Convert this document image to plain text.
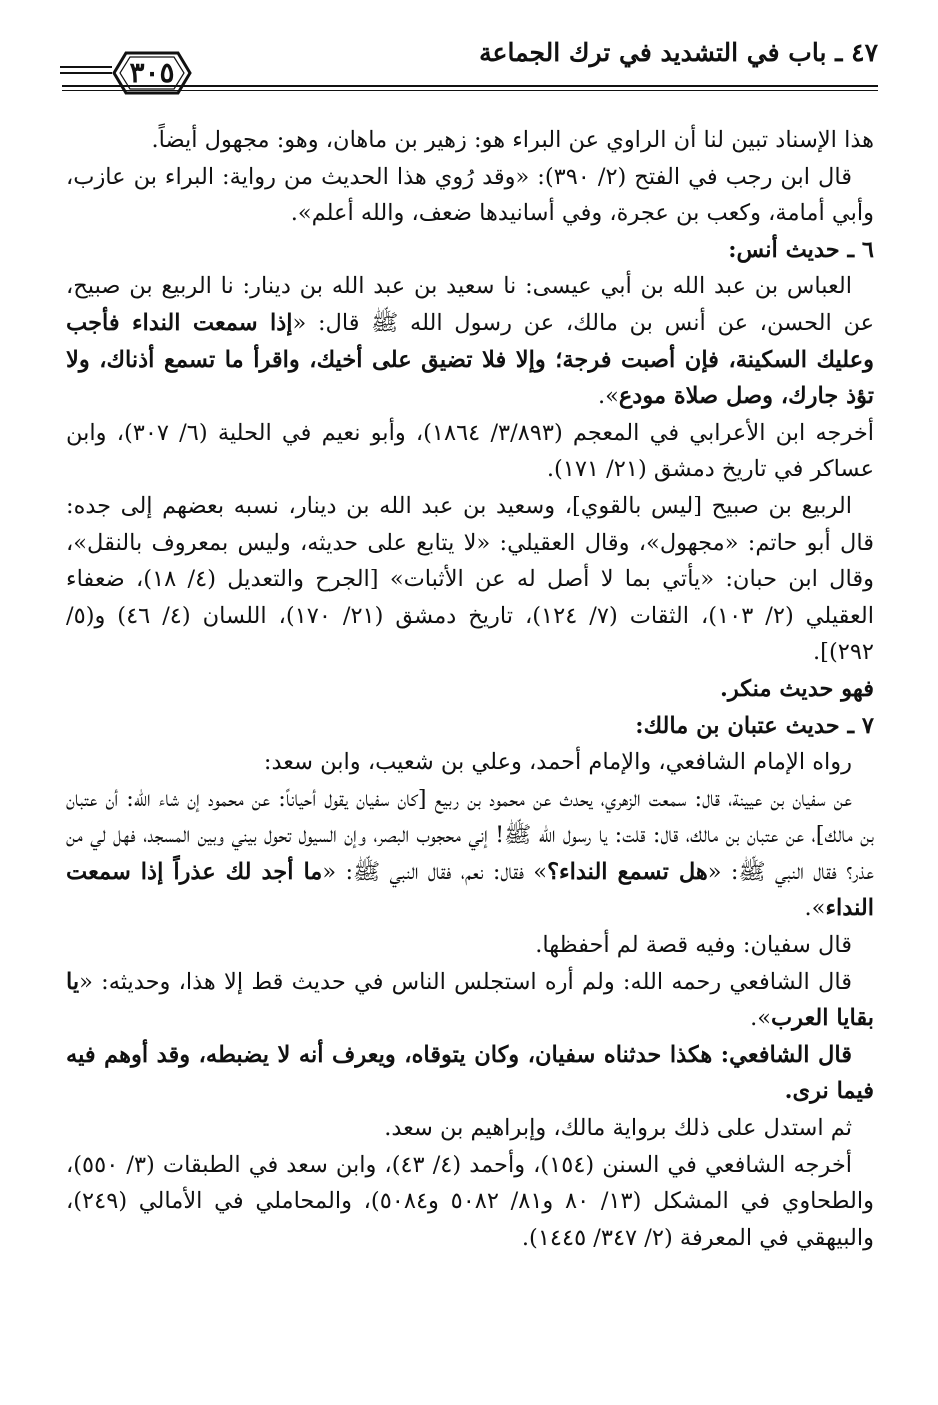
٤٧ ـ باب في التشديد في ترك الجماعة
٣٠٥

هذا الإسناد تبين لنا أن الراوي عن البراء هو: زهير بن ماهان، وهو: مجهول أيضاً.

قال ابن رجب في الفتح (٢/ ٣٩٠): «وقد رُوي هذا الحديث من رواية: البراء بن عازب، وأبي أمامة، وكعب بن عجرة، وفي أسانيدها ضعف، والله أعلم».

٦ ـ حديث أنس:

العباس بن عبد الله بن أبي عيسى: نا سعيد بن عبد الله بن دينار: نا الربيع بن صبيح، عن الحسن، عن أنس بن مالك، عن رسول الله ﷺ قال: «إذا سمعت النداء فأجب وعليك السكينة، فإن أصبت فرجة؛ وإلا فلا تضيق على أخيك، واقرأ ما تسمع أذناك، ولا تؤذ جارك، وصل صلاة مودع».

أخرجه ابن الأعرابي في المعجم (٣/٨٩٣/ ١٨٦٤)، وأبو نعيم في الحلية (٦/ ٣٠٧)، وابن عساكر في تاريخ دمشق (٢١/ ١٧١).

الربيع بن صبيح [ليس بالقوي]، وسعيد بن عبد الله بن دينار، نسبه بعضهم إلى جده: قال أبو حاتم: «مجهول»، وقال العقيلي: «لا يتابع على حديثه، وليس بمعروف بالنقل»، وقال ابن حبان: «يأتي بما لا أصل له عن الأثبات» [الجرح والتعديل (٤/ ١٨)، ضعفاء العقيلي (٢/ ١٠٣)، الثقات (٧/ ١٢٤)، تاريخ دمشق (٢١/ ١٧٠)، اللسان (٤/ ٤٦) و(٥/ ٢٩٢)].

فهو حديث منكر.

٧ ـ حديث عتبان بن مالك:

رواه الإمام الشافعي، والإمام أحمد، وعلي بن شعيب، وابن سعد:

عن سفيان بن عيينة، قال: سمعت الزهري، يحدث عن محمود بن ربيع [كان سفيان يقول أحياناً: عن محمود إن شاء الله: أن عتبان بن مالك]، عن عتبان بن مالك، قال: قلت: يا رسول الله ﷺ! إني محجوب البصر، وإن السيول تحول بيني وبين المسجد، فهل لي من عذر؟ فقال النبي ﷺ: «هل تسمع النداء؟» فقال: نعم، فقال النبي ﷺ: «ما أجد لك عذراً إذا سمعت النداء».

قال سفيان: وفيه قصة لم أحفظها.

قال الشافعي رحمه الله: ولم أره استجلس الناس في حديث قط إلا هذا، وحديثه: «يا بقايا العرب».

قال الشافعي: هكذا حدثناه سفيان، وكان يتوقاه، ويعرف أنه لا يضبطه، وقد أوهم فيه فيما نرى.

ثم استدل على ذلك برواية مالك، وإبراهيم بن سعد.

أخرجه الشافعي في السنن (١٥٤)، وأحمد (٤/ ٤٣)، وابن سعد في الطبقات (٣/ ٥٥٠)، والطحاوي في المشكل (١٣/ ٨٠ و٨١/ ٥٠٨٢ و٥٠٨٤)، والمحاملي في الأمالي (٢٤٩)، والبيهقي في المعرفة (٢/ ٣٤٧/ ١٤٤٥).
